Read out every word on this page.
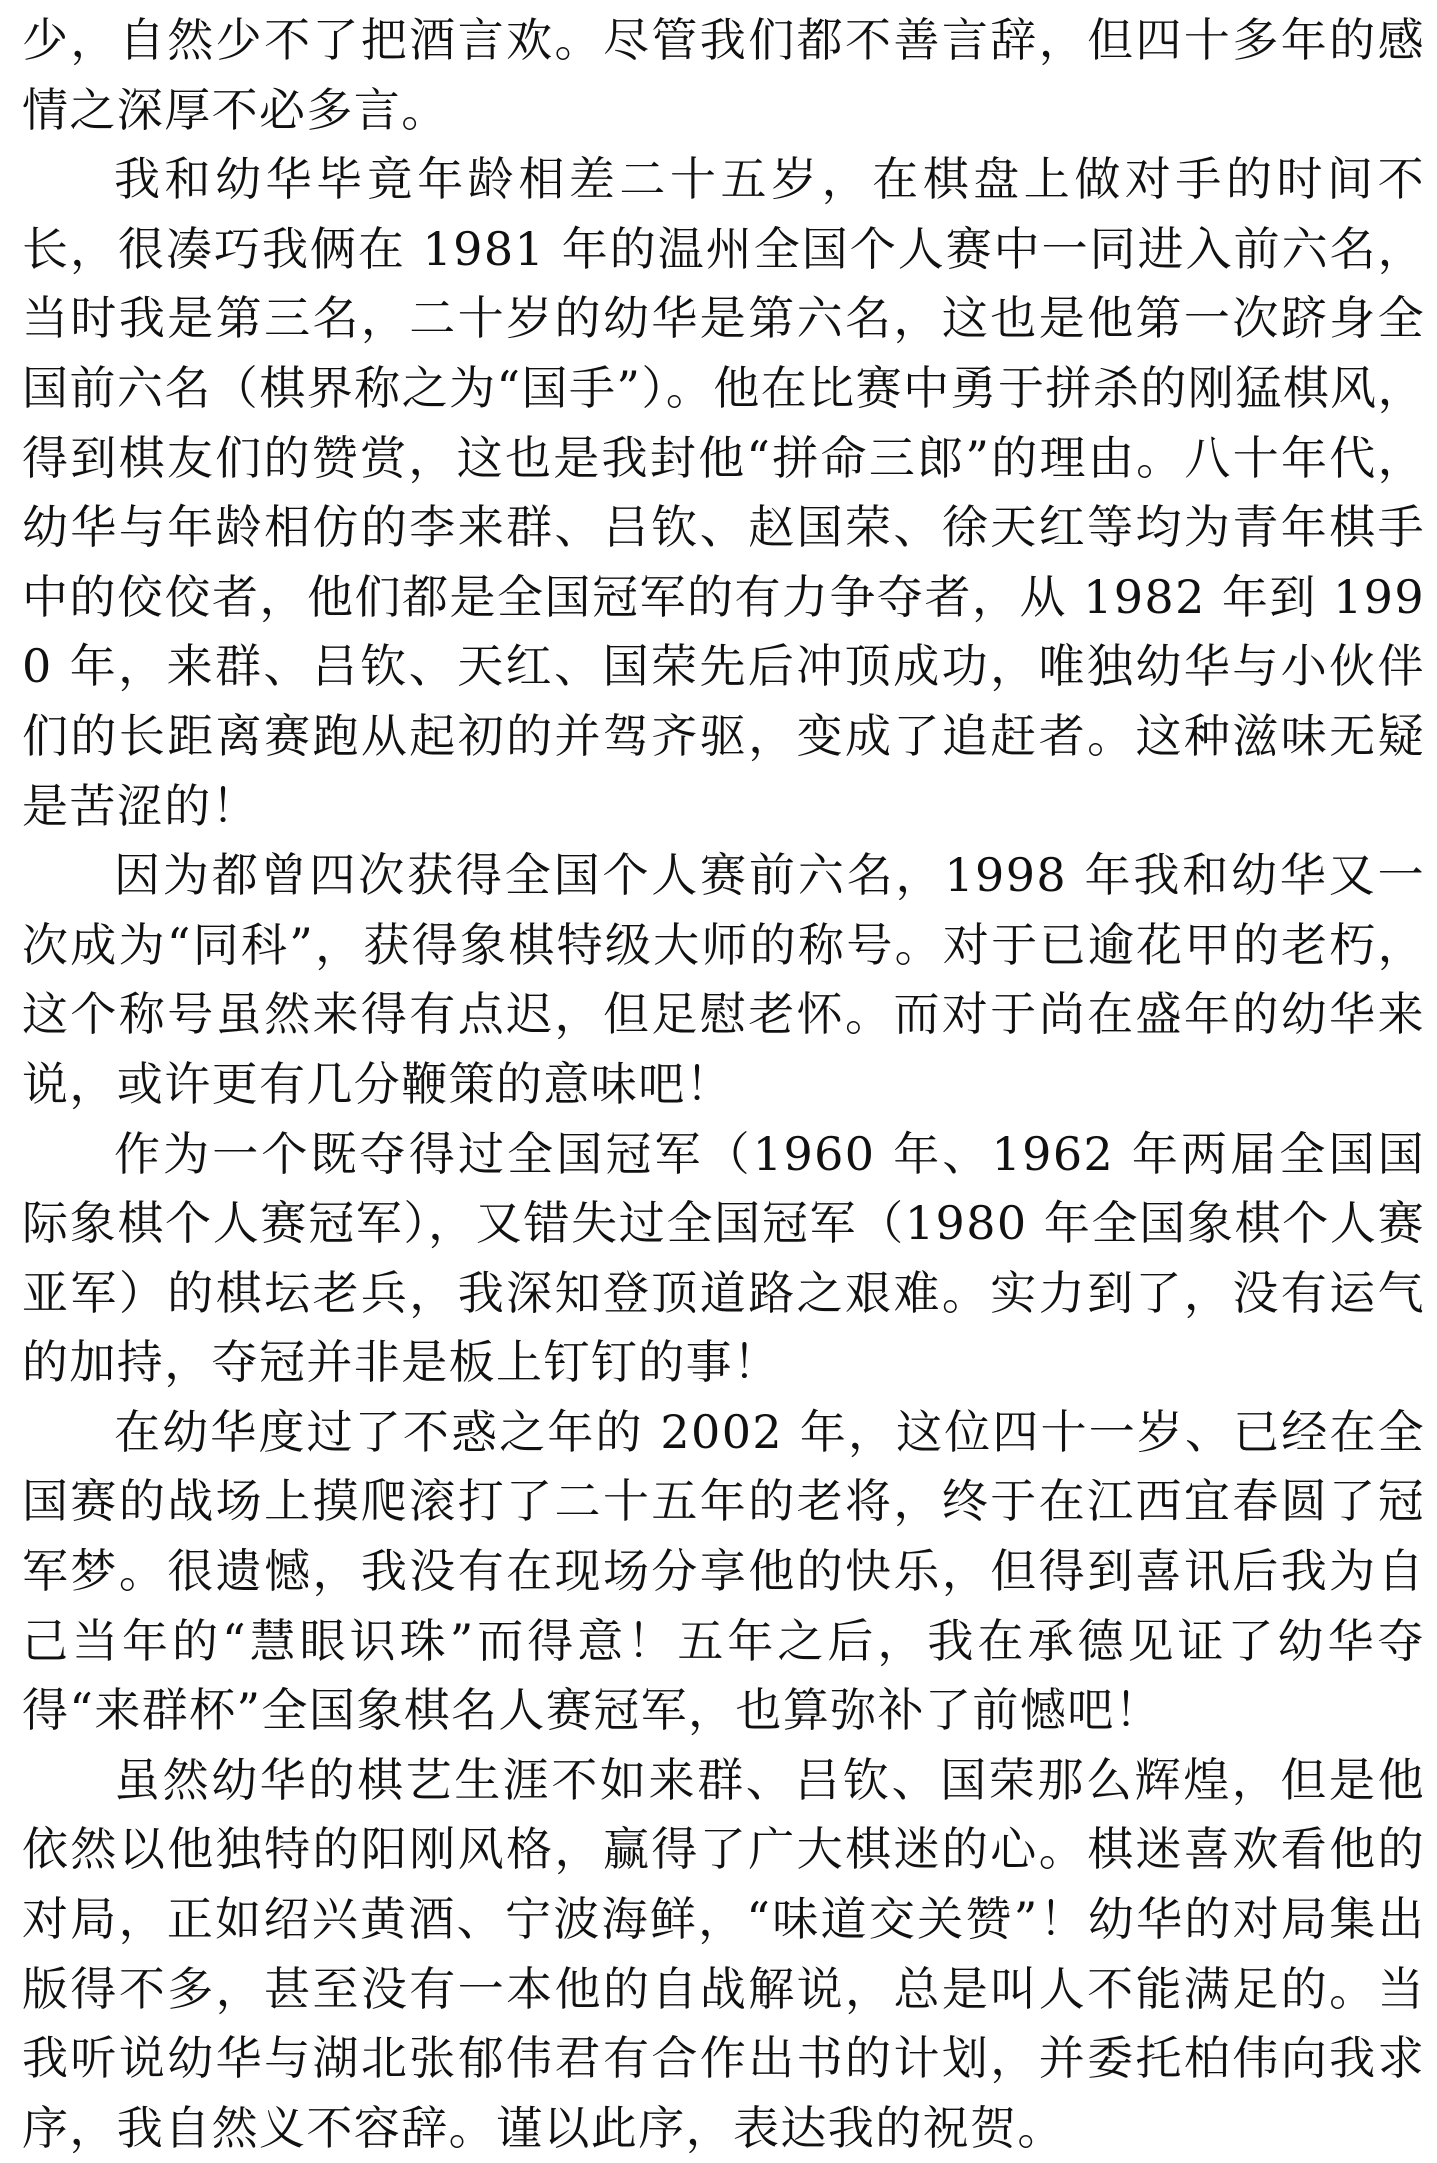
少，自然少不了把酒言欢。尽管我们都不善言辞，但四十多年的感情之深厚不必多言。

我和幼华毕竟年龄相差二十五岁，在棋盘上做对手的时间不长，很凑巧我俩在 1981 年的温州全国个人赛中一同进入前六名，当时我是第三名，二十岁的幼华是第六名，这也是他第一次跻身全国前六名（棋界称之为“国手”）。他在比赛中勇于拼杀的刚猛棋风，得到棋友们的赞赏，这也是我封他“拼命三郎”的理由。八十年代，幼华与年龄相仿的李来群、吕钦、赵国荣、徐天红等均为青年棋手中的佼佼者，他们都是全国冠军的有力争夺者，从 1982 年到 1990 年，来群、吕钦、天红、国荣先后冲顶成功，唯独幼华与小伙伴们的长距离赛跑从起初的并驾齐驱，变成了追赶者。这种滋味无疑是苦涩的！

因为都曾四次获得全国个人赛前六名，1998 年我和幼华又一次成为“同科”，获得象棋特级大师的称号。对于已逾花甲的老朽，这个称号虽然来得有点迟，但足慰老怀。而对于尚在盛年的幼华来说，或许更有几分鞭策的意味吧！

作为一个既夺得过全国冠军（1960 年、1962 年两届全国国际象棋个人赛冠军），又错失过全国冠军（1980 年全国象棋个人赛亚军）的棋坛老兵，我深知登顶道路之艰难。实力到了，没有运气的加持，夺冠并非是板上钉钉的事！

在幼华度过了不惑之年的 2002 年，这位四十一岁、已经在全国赛的战场上摸爬滚打了二十五年的老将，终于在江西宜春圆了冠军梦。很遗憾，我没有在现场分享他的快乐，但得到喜讯后我为自己当年的“慧眼识珠”而得意！五年之后，我在承德见证了幼华夺得“来群杯”全国象棋名人赛冠军，也算弥补了前憾吧！

虽然幼华的棋艺生涯不如来群、吕钦、国荣那么辉煌，但是他依然以他独特的阳刚风格，赢得了广大棋迷的心。棋迷喜欢看他的对局，正如绍兴黄酒、宁波海鲜，“味道交关赞”！幼华的对局集出版得不多，甚至没有一本他的自战解说，总是叫人不能满足的。当我听说幼华与湖北张郁伟君有合作出书的计划，并委托柏伟向我求序，我自然义不容辞。谨以此序，表达我的祝贺。
